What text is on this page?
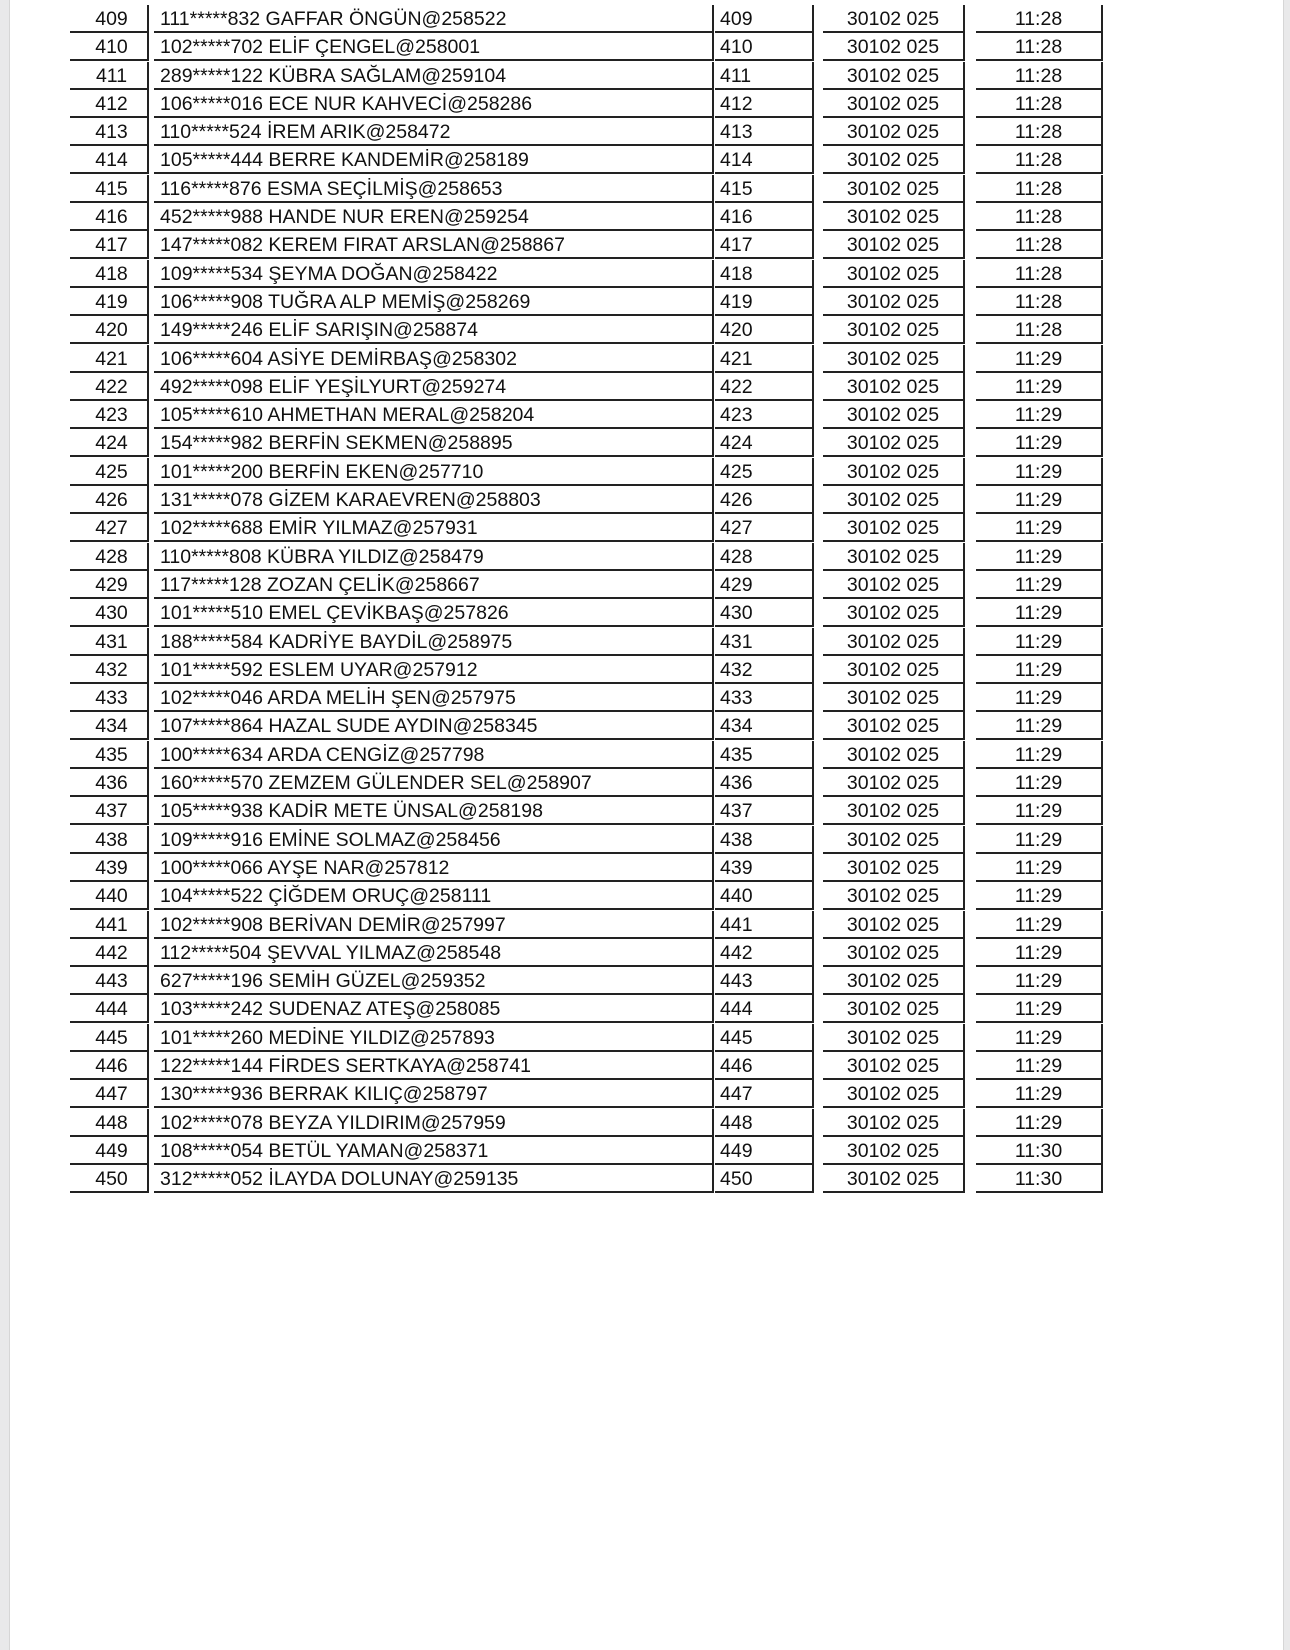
409	111*****832 GAFFAR ÖNGÜN@258522	409	30102 025	11:28
410	102*****702 ELİF ÇENGEL@258001	410	30102 025	11:28
411	289*****122 KÜBRA SAĞLAM@259104	411	30102 025	11:28
412	106*****016 ECE NUR KAHVECİ@258286	412	30102 025	11:28
413	110*****524 İREM ARIK@258472	413	30102 025	11:28
414	105*****444 BERRE KANDEMİR@258189	414	30102 025	11:28
415	116*****876 ESMA SEÇİLMİŞ@258653	415	30102 025	11:28
416	452*****988 HANDE NUR EREN@259254	416	30102 025	11:28
417	147*****082 KEREM FIRAT ARSLAN@258867	417	30102 025	11:28
418	109*****534 ŞEYMA DOĞAN@258422	418	30102 025	11:28
419	106*****908 TUĞRA ALP MEMİŞ@258269	419	30102 025	11:28
420	149*****246 ELİF SARIŞIN@258874	420	30102 025	11:28
421	106*****604 ASİYE DEMİRBAŞ@258302	421	30102 025	11:29
422	492*****098 ELİF YEŞİLYURT@259274	422	30102 025	11:29
423	105*****610 AHMETHAN MERAL@258204	423	30102 025	11:29
424	154*****982 BERFİN SEKMEN@258895	424	30102 025	11:29
425	101*****200 BERFİN EKEN@257710	425	30102 025	11:29
426	131*****078 GİZEM KARAEVREN@258803	426	30102 025	11:29
427	102*****688 EMİR YILMAZ@257931	427	30102 025	11:29
428	110*****808 KÜBRA YILDIZ@258479	428	30102 025	11:29
429	117*****128 ZOZAN ÇELİK@258667	429	30102 025	11:29
430	101*****510 EMEL ÇEVİKBAŞ@257826	430	30102 025	11:29
431	188*****584 KADRİYE BAYDİL@258975	431	30102 025	11:29
432	101*****592 ESLEM UYAR@257912	432	30102 025	11:29
433	102*****046 ARDA MELİH ŞEN@257975	433	30102 025	11:29
434	107*****864 HAZAL SUDE AYDIN@258345	434	30102 025	11:29
435	100*****634 ARDA CENGİZ@257798	435	30102 025	11:29
436	160*****570 ZEMZEM GÜLENDER SEL@258907	436	30102 025	11:29
437	105*****938 KADİR METE ÜNSAL@258198	437	30102 025	11:29
438	109*****916 EMİNE SOLMAZ@258456	438	30102 025	11:29
439	100*****066 AYŞE NAR@257812	439	30102 025	11:29
440	104*****522 ÇİĞDEM ORUÇ@258111	440	30102 025	11:29
441	102*****908 BERİVAN DEMİR@257997	441	30102 025	11:29
442	112*****504 ŞEVVAL YILMAZ@258548	442	30102 025	11:29
443	627*****196 SEMİH GÜZEL@259352	443	30102 025	11:29
444	103*****242 SUDENAZ ATEŞ@258085	444	30102 025	11:29
445	101*****260 MEDİNE YILDIZ@257893	445	30102 025	11:29
446	122*****144 FİRDES SERTKAYA@258741	446	30102 025	11:29
447	130*****936 BERRAK KILIÇ@258797	447	30102 025	11:29
448	102*****078 BEYZA YILDIRIM@257959	448	30102 025	11:29
449	108*****054 BETÜL YAMAN@258371	449	30102 025	11:30
450	312*****052 İLAYDA DOLUNAY@259135	450	30102 025	11:30
